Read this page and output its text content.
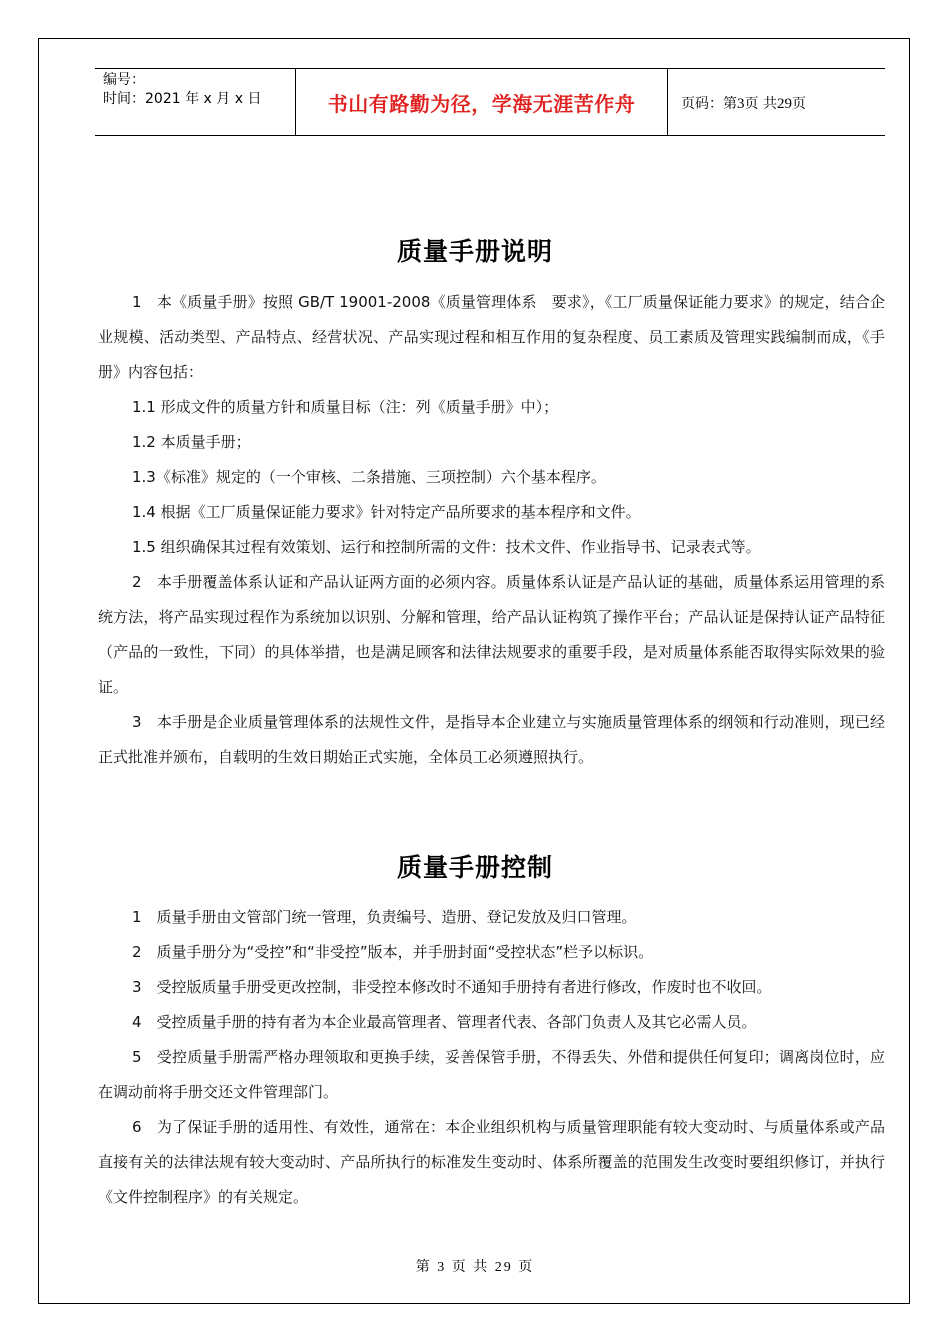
编号：
时间：2021 年 x 月 x 日	书山有路勤为径，学海无涯苦作舟	页码：第3页 共29页
质量手册说明

1　本《质量手册》按照 GB/T 19001-2008《质量管理体系　要求》，《工厂质量保证能力要求》的规定，结合企业规模、活动类型、产品特点、经营状况、产品实现过程和相互作用的复杂程度、员工素质及管理实践编制而成，《手册》内容包括：

1.1 形成文件的质量方针和质量目标（注：列《质量手册》中）；

1.2 本质量手册；

1.3《标准》规定的（一个审核、二条措施、三项控制）六个基本程序。

1.4 根据《工厂质量保证能力要求》针对特定产品所要求的基本程序和文件。

1.5 组织确保其过程有效策划、运行和控制所需的文件：技术文件、作业指导书、记录表式等。

2　本手册覆盖体系认证和产品认证两方面的必须内容。质量体系认证是产品认证的基础，质量体系运用管理的系统方法，将产品实现过程作为系统加以识别、分解和管理，给产品认证构筑了操作平台；产品认证是保持认证产品特征（产品的一致性，下同）的具体举措，也是满足顾客和法律法规要求的重要手段，是对质量体系能否取得实际效果的验证。

3　本手册是企业质量管理体系的法规性文件，是指导本企业建立与实施质量管理体系的纲领和行动准则，现已经正式批准并颁布，自载明的生效日期始正式实施，全体员工必须遵照执行。

质量手册控制

1　质量手册由文管部门统一管理，负责编号、造册、登记发放及归口管理。

2　质量手册分为“受控”和“非受控”版本，并手册封面“受控状态”栏予以标识。

3　受控版质量手册受更改控制，非受控本修改时不通知手册持有者进行修改，作废时也不收回。

4　受控质量手册的持有者为本企业最高管理者、管理者代表、各部门负责人及其它必需人员。

5　受控质量手册需严格办理领取和更换手续，妥善保管手册，不得丢失、外借和提供任何复印；调离岗位时，应在调动前将手册交还文件管理部门。

6　为了保证手册的适用性、有效性，通常在：本企业组织机构与质量管理职能有较大变动时、与质量体系或产品直接有关的法律法规有较大变动时、产品所执行的标准发生变动时、体系所覆盖的范围发生改变时要组织修订，并执行《文件控制程序》的有关规定。

第 3 页 共 29 页
